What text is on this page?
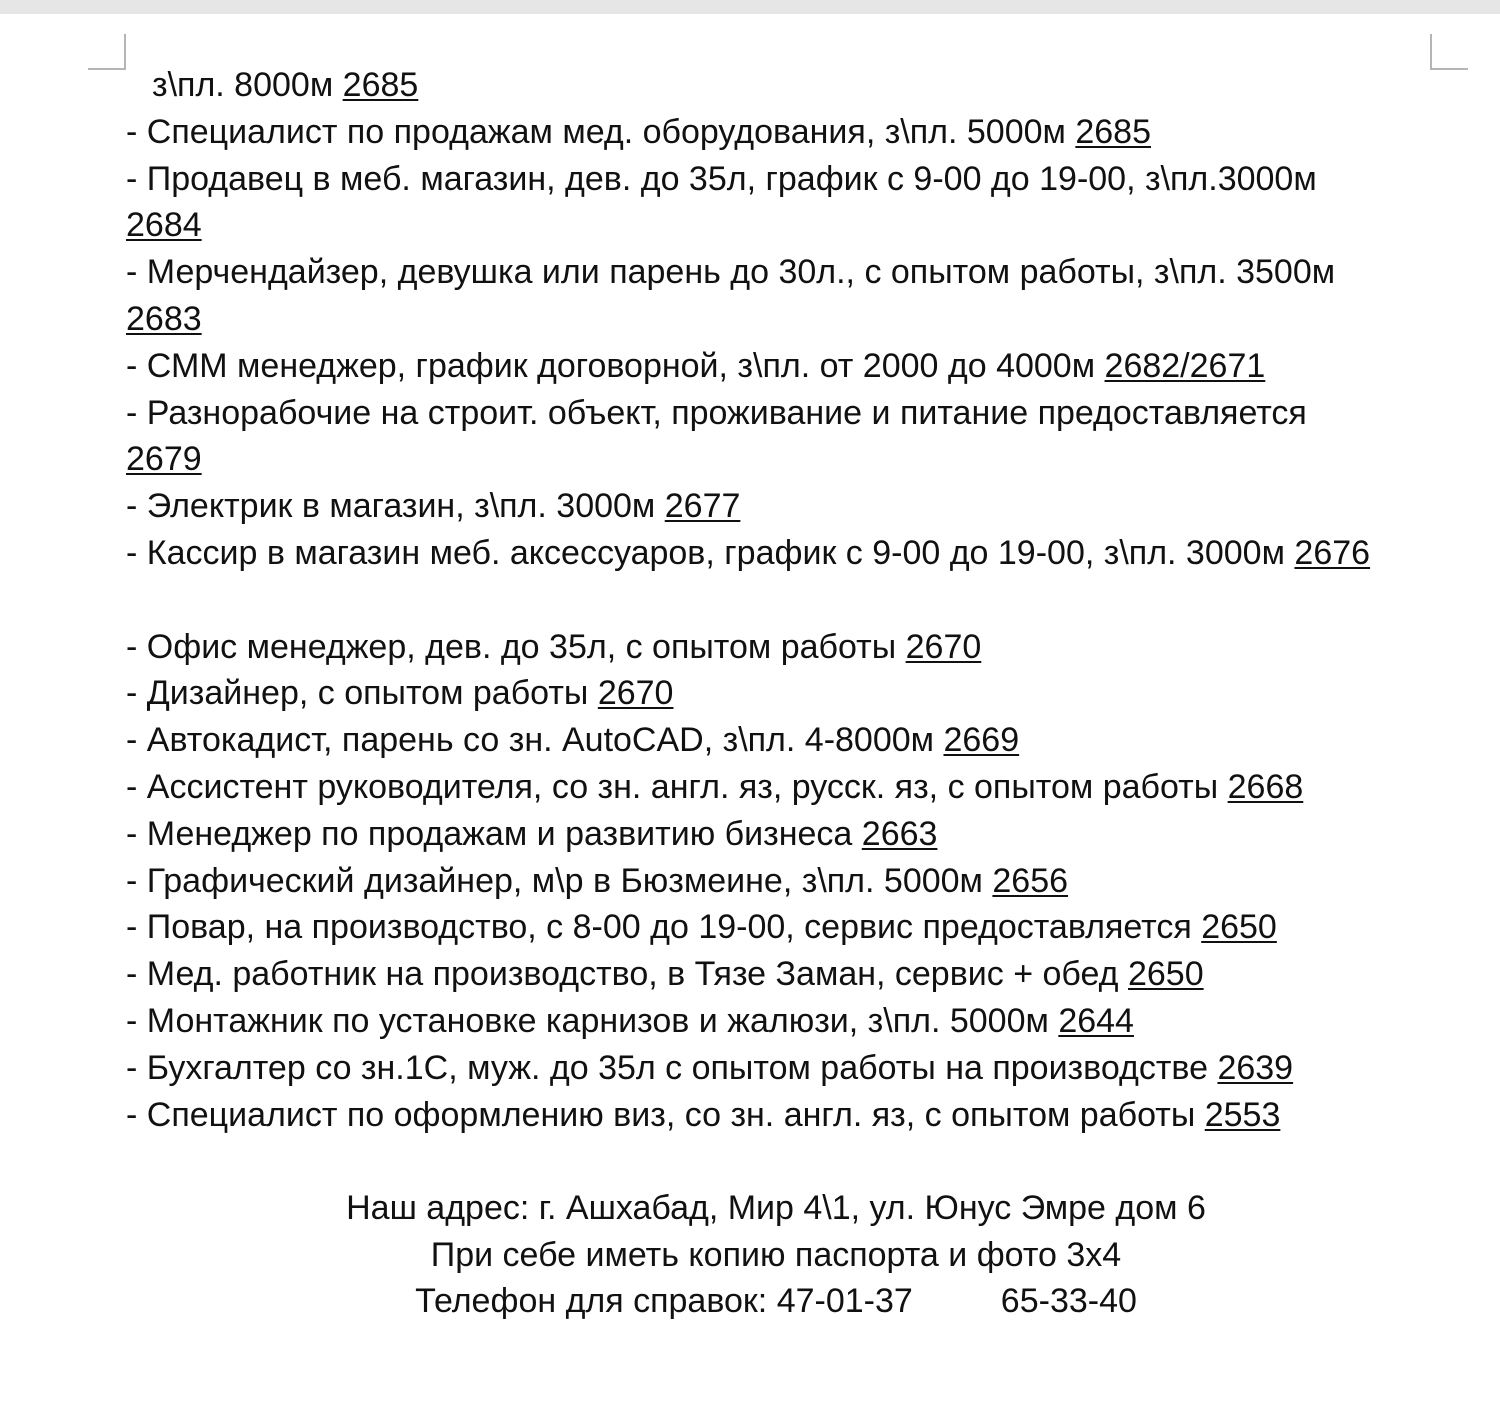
з\пл. 8000м 2685

- Специалист по продажам мед. оборудования, з\пл. 5000м 2685

- Продавец в меб. магазин, дев. до 35л, график с 9-00 до 19-00, з\пл.3000м

2684

- Мерчендайзер, девушка или парень до 30л., с опытом работы, з\пл. 3500м

2683

- СММ менеджер, график договорной, з\пл. от 2000 до 4000м 2682/2671

- Разнорабочие на строит. объект, проживание и питание предоставляется

2679

- Электрик в магазин, з\пл. 3000м 2677

- Кассир в магазин меб. аксессуаров, график с 9-00 до 19-00, з\пл. 3000м 2676

- Офис менеджер, дев. до 35л, с опытом работы 2670

- Дизайнер, с опытом работы 2670

- Автокадист, парень со зн. AutoCAD, з\пл. 4-8000м 2669

- Ассистент руководителя, со зн. англ. яз, русск. яз, с опытом работы 2668

- Менеджер по продажам и развитию бизнеса 2663

- Графический дизайнер, м\р в Бюзмеине, з\пл. 5000м 2656

- Повар, на производство, с 8-00 до 19-00, сервис предоставляется 2650

- Мед. работник на производство, в Тязе Заман, сервис + обед 2650

- Монтажник по установке карнизов и жалюзи, з\пл. 5000м 2644

- Бухгалтер со зн.1С, муж. до 35л с опытом работы на производстве 2639

- Специалист по оформлению виз, со зн. англ. яз, с опытом работы 2553

Наш адрес: г. Ашхабад, Мир 4\1, ул. Юнус Эмре дом 6

При себе иметь копию паспорта и фото 3х4

Телефон для справок: 47-01-37	65-33-40
